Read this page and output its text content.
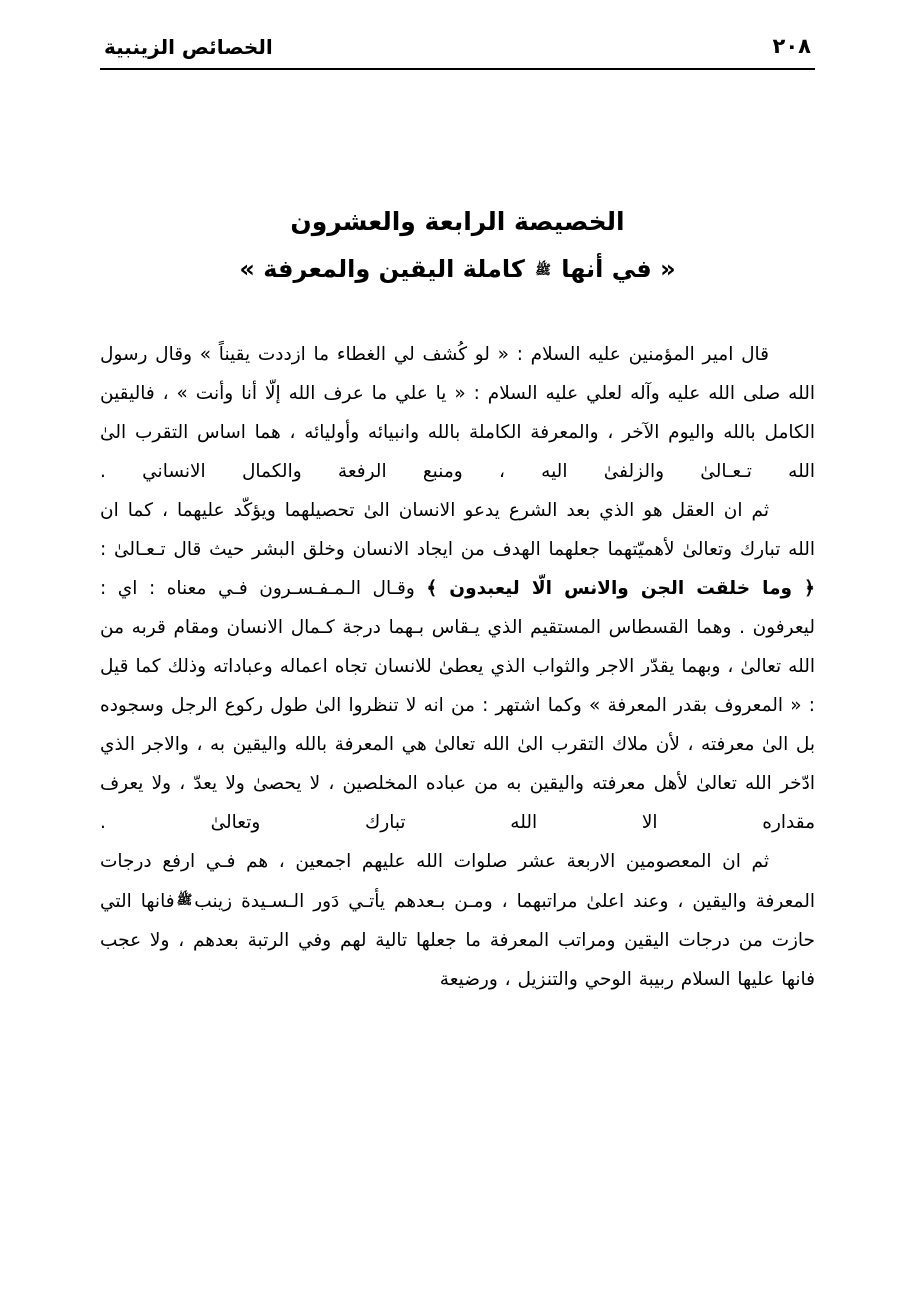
الخصائص الزينبية	٢٠٨
الخصيصة الرابعة والعشرون
« في أنها ﷺ كاملة اليقين والمعرفة »

قال امير المؤمنين عليه السلام : « لو كُشف لي الغطاء ما ازددت يقيناً » وقال رسول الله صلى الله عليه وآله لعلي عليه السلام : « يا علي ما عرف الله إلّا أنا وأنت » ، فاليقين الكامل بالله واليوم الآخر ، والمعرفة الكاملة بالله وانبيائه وأوليائه ، هما اساس التقرب الىٰ الله تـعـالىٰ والزلفىٰ اليه ، ومنبع الرفعة والكمال الانساني .

ثم ان العقل هو الذي بعد الشرع يدعو الانسان الىٰ تحصيلهما ويؤكّد عليهما ، كما ان الله تبارك وتعالىٰ لأهميّتهما جعلهما الهدف من ايجاد الانسان وخلق البشر حيث قال تـعـالىٰ : ﴿ وما خلقت الجن والانس الّا ليعبدون ﴾ وقـال الـمـفـسـرون فـي معناه : اي : ليعرفون . وهما القسطاس المستقيم الذي يـقاس بـهما درجة كـمال الانسان ومقام قربه من الله تعالىٰ ، وبهما يقدّر الاجر والثواب الذي يعطىٰ للانسان تجاه اعماله وعباداته وذلك كما قيل : « المعروف بقدر المعرفة » وكما اشتهر : من انه لا تنظروا الىٰ طول ركوع الرجل وسجوده بل الىٰ معرفته ، لأن ملاك التقرب الىٰ الله تعالىٰ هي المعرفة بالله واليقين به ، والاجر الذي ادّخر الله تعالىٰ لأهل معرفته واليقين به من عباده المخلصين ، لا يحصىٰ ولا يعدّ ، ولا يعرف مقداره الا الله تبارك وتعالىٰ .

ثم ان المعصومين الاربعة عشر صلوات الله عليهم اجمعين ، هم فـي ارفع درجات المعرفة واليقين ، وعند اعلىٰ مراتبهما ، ومـن بـعدهم يأتـي دَور الـسـيدة زينبﷺفانها التي حازت من درجات اليقين ومراتب المعرفة ما جعلها تالية لهم وفي الرتبة بعدهم ، ولا عجب فانها عليها السلام ربيبة الوحي والتنزيل ، ورضيعة
